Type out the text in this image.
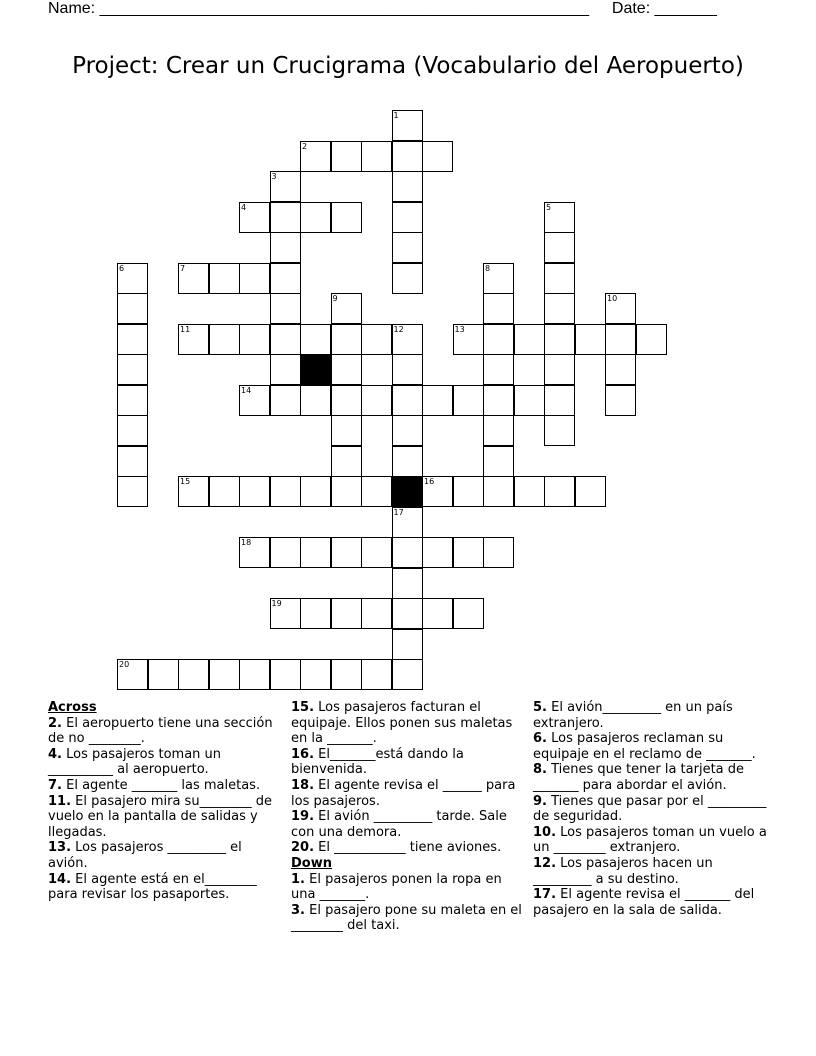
Name: _______________________________________________________ Date: _______
Project: Crear un Crucigrama (Vocabulario del Aeropuerto)
1
2
3
4	5
6	7	8
9	10
11	12	13
14
15	16
17
18
19
20
Across
2. El aeropuerto tiene una sección de no ________.
4. Los pasajeros toman un __________ al aeropuerto.
7. El agente _______ las maletas.
11. El pasajero mira su________ de vuelo en la pantalla de salidas y llegadas.
13. Los pasajeros _________ el avión.
14. El agente está en el________ para revisar los pasaportes.
15. Los pasajeros facturan el equipaje. Ellos ponen sus maletas en la _______.
16. El_______está dando la bienvenida.
18. El agente revisa el ______ para los pasajeros.
19. El avión _________ tarde. Sale con una demora.
20. El ___________ tiene aviones.
Down
1. El pasajeros ponen la ropa en una _______.
3. El pasajero pone su maleta en el ________ del taxi.
5. El avión_________ en un país extranjero.
6. Los pasajeros reclaman su equipaje en el reclamo de _______.
8. Tienes que tener la tarjeta de _______ para abordar el avión.
9. Tienes que pasar por el _________ de seguridad.
10. Los pasajeros toman un vuelo a un ________ extranjero.
12. Los pasajeros hacen un _________ a su destino.
17. El agente revisa el _______ del pasajero en la sala de salida.
